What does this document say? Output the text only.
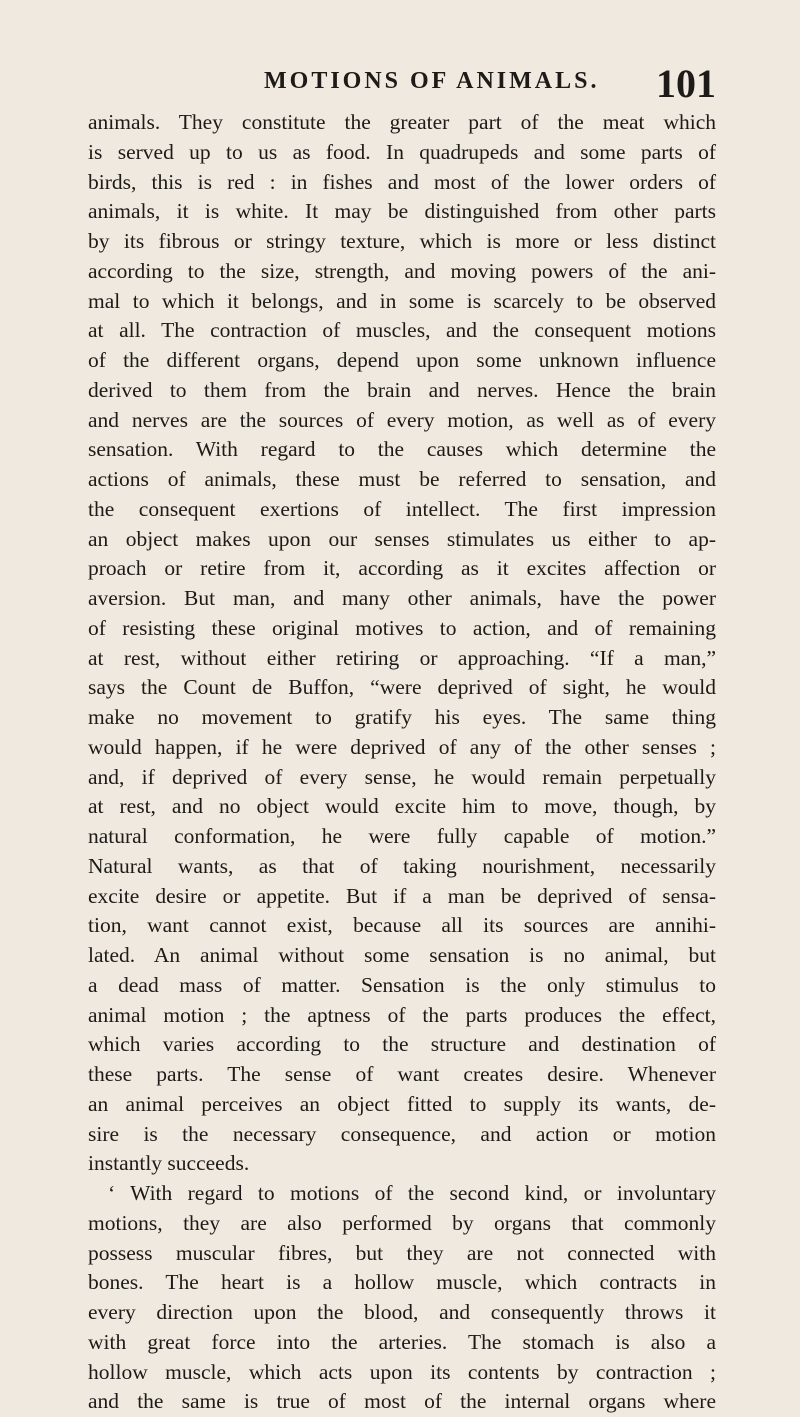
MOTIONS OF ANIMALS. 101
animals. They constitute the greater part of the meat which
is served up to us as food. In quadrupeds and some parts of
birds, this is red : in fishes and most of the lower orders of
animals, it is white. It may be distinguished from other parts
by its fibrous or stringy texture, which is more or less distinct
according to the size, strength, and moving powers of the ani-
mal to which it belongs, and in some is scarcely to be observed
at all. The contraction of muscles, and the consequent motions
of the different organs, depend upon some unknown influence
derived to them from the brain and nerves. Hence the brain
and nerves are the sources of every motion, as well as of every
sensation. With regard to the causes which determine the
actions of animals, these must be referred to sensation, and
the consequent exertions of intellect. The first impression
an object makes upon our senses stimulates us either to ap-
proach or retire from it, according as it excites affection or
aversion. But man, and many other animals, have the power
of resisting these original motives to action, and of remaining
at rest, without either retiring or approaching. “If a man,”
says the Count de Buffon, “were deprived of sight, he would
make no movement to gratify his eyes. The same thing
would happen, if he were deprived of any of the other senses ;
and, if deprived of every sense, he would remain perpetually
at rest, and no object would excite him to move, though, by
natural conformation, he were fully capable of motion.”
Natural wants, as that of taking nourishment, necessarily
excite desire or appetite. But if a man be deprived of sensa-
tion, want cannot exist, because all its sources are annihi-
lated. An animal without some sensation is no animal, but
a dead mass of matter. Sensation is the only stimulus to
animal motion ; the aptness of the parts produces the effect,
which varies according to the structure and destination of
these parts. The sense of want creates desire. Whenever
an animal perceives an object fitted to supply its wants, de-
sire is the necessary consequence, and action or motion
instantly succeeds.
‘ With regard to motions of the second kind, or involuntary
motions, they are also performed by organs that commonly
possess muscular fibres, but they are not connected with
bones. The heart is a hollow muscle, which contracts in
every direction upon the blood, and consequently throws it
with great force into the arteries. The stomach is also a
hollow muscle, which acts upon its contents by contraction ;
and the same is true of most of the internal organs where
